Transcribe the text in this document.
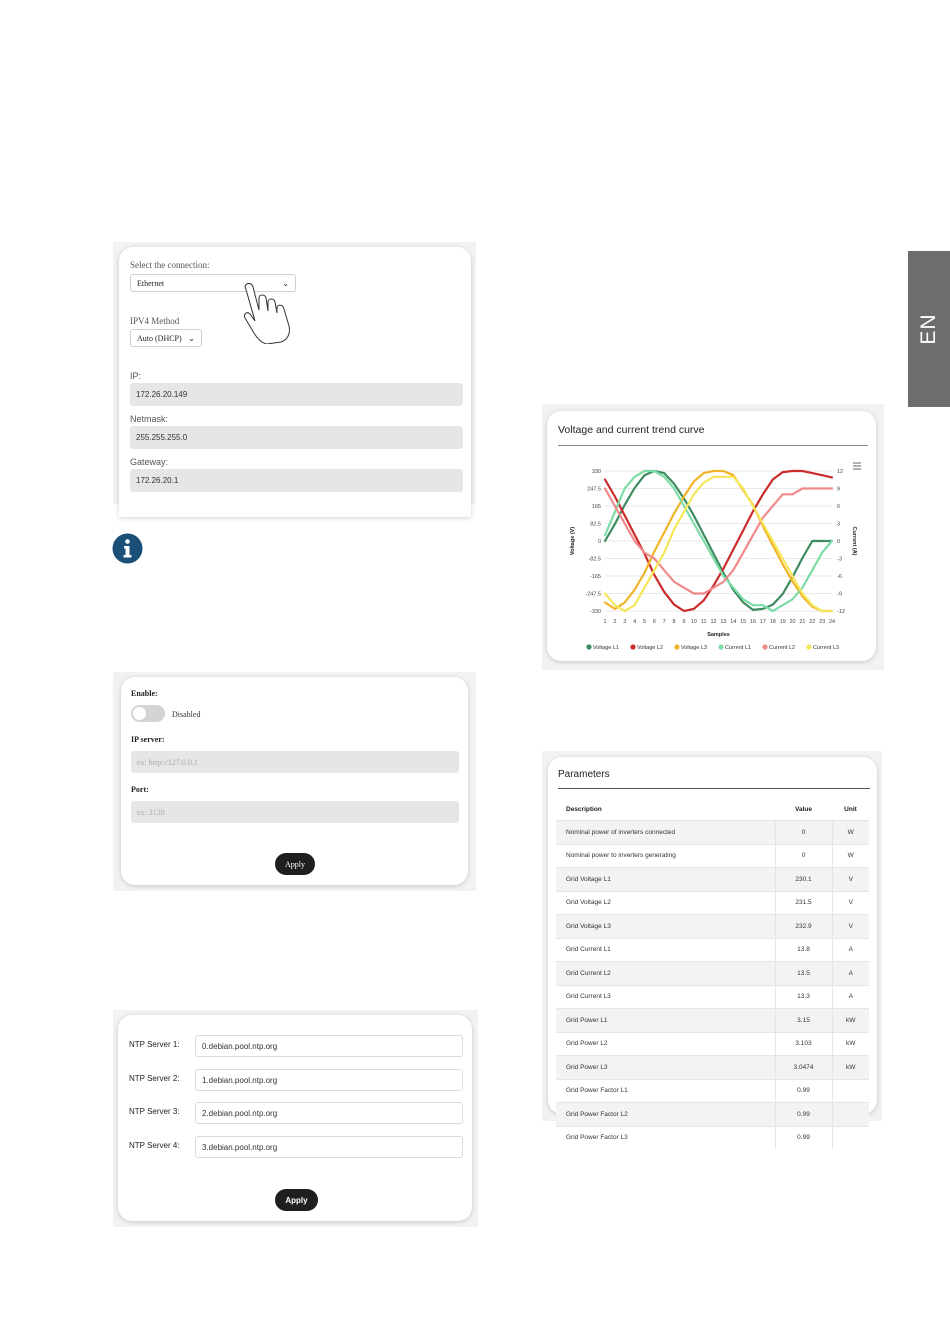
EN
Select the connection:
Ethernet	⌄
IPV4 Method
Auto (DHCP) ⌄
IP:
172.26.20.149
Netmask:
255.255.255.0
Gateway:
172.26.20.1
Enable:
Disabled
IP server:
ex: http://127.0.0.1
Port:
ex: 3128
Apply
NTP Server 1:	0.debian.pool.ntp.org
NTP Server 2:	1.debian.pool.ntp.org
NTP Server 3:	2.debian.pool.ntp.org
NTP Server 4:	3.debian.pool.ntp.org
Apply
Voltage and current trend curve
330	12
247.5	9
165	6
82.5	3
0	0
-82.5	-3
-165	-6
-247.5	-9
-330	-12
1 2 3 4 5 6 7 8 9 10 11 12 13 14 15 16 17 18 19 20 21 22 23 24
Samples
Voltage (V)	Current (A)
Voltage L1	Voltage L2	Voltage L3	Current L1	Current L2	Current L3
Parameters
Description	Value	Unit
Nominal power of inverters connected	0	W
Nominal power to inverters generating	0	W
Grid Voltage L1	230.1	V
Grid Voltage L2	231.5	V
Grid Voltage L3	232.9	V
Grid Current L1	13.8	A
Grid Current L2	13.5	A
Grid Current L3	13.3	A
Grid Power L1	3.15	kW
Grid Power L2	3.103	kW
Grid Power L3	3.0474	kW
Grid Power Factor L1	0.99	
Grid Power Factor L2	0.99	
Grid Power Factor L3	0.99	
